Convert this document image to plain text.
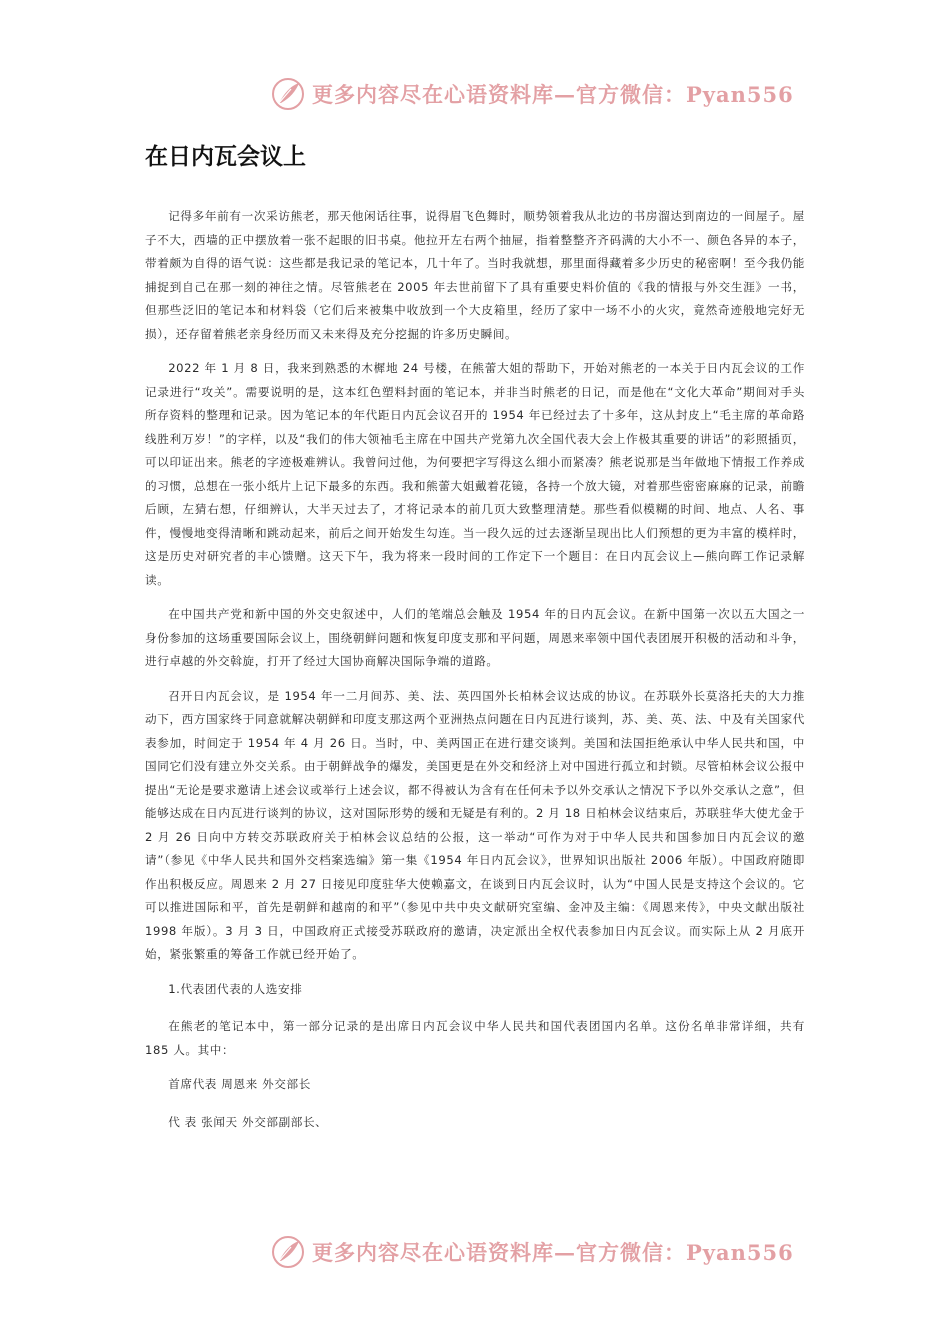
更多内容尽在心语资料库—官方微信：Pyan556
在日内瓦会议上

记得多年前有一次采访熊老，那天他闲话往事，说得眉飞色舞时，顺势领着我从北边的书房溜达到南边的一间屋子。屋子不大，西墙的正中摆放着一张不起眼的旧书桌。他拉开左右两个抽屉，指着整整齐齐码满的大小不一、颜色各异的本子，带着颇为自得的语气说：这些都是我记录的笔记本，几十年了。当时我就想，那里面得藏着多少历史的秘密啊！至今我仍能捕捉到自己在那一刻的神往之情。尽管熊老在 2005 年去世前留下了具有重要史料价值的《我的情报与外交生涯》一书，但那些泛旧的笔记本和材料袋（它们后来被集中收放到一个大皮箱里，经历了家中一场不小的火灾，竟然奇迹般地完好无损），还存留着熊老亲身经历而又未来得及充分挖掘的许多历史瞬间。

2022 年 1 月 8 日，我来到熟悉的木樨地 24 号楼，在熊蕾大姐的帮助下，开始对熊老的一本关于日内瓦会议的工作记录进行“攻关”。需要说明的是，这本红色塑料封面的笔记本，并非当时熊老的日记，而是他在“文化大革命”期间对手头所存资料的整理和记录。因为笔记本的年代距日内瓦会议召开的 1954 年已经过去了十多年，这从封皮上“毛主席的革命路线胜利万岁！”的字样，以及“我们的伟大领袖毛主席在中国共产党第九次全国代表大会上作极其重要的讲话”的彩照插页，可以印证出来。熊老的字迹极难辨认。我曾问过他，为何要把字写得这么细小而紧凑？熊老说那是当年做地下情报工作养成的习惯，总想在一张小纸片上记下最多的东西。我和熊蕾大姐戴着花镜，各持一个放大镜，对着那些密密麻麻的记录，前瞻后顾，左猜右想，仔细辨认，大半天过去了，才将记录本的前几页大致整理清楚。那些看似模糊的时间、地点、人名、事件，慢慢地变得清晰和跳动起来，前后之间开始发生勾连。当一段久远的过去逐渐呈现出比人们预想的更为丰富的模样时，这是历史对研究者的丰心馈赠。这天下午，我为将来一段时间的工作定下一个题目：在日内瓦会议上—熊向晖工作记录解读。

在中国共产党和新中国的外交史叙述中，人们的笔端总会触及 1954 年的日内瓦会议。在新中国第一次以五大国之一身份参加的这场重要国际会议上，围绕朝鲜问题和恢复印度支那和平问题，周恩来率领中国代表团展开积极的活动和斗争，进行卓越的外交斡旋，打开了经过大国协商解决国际争端的道路。

召开日内瓦会议，是 1954 年一二月间苏、美、法、英四国外长柏林会议达成的协议。在苏联外长莫洛托夫的大力推动下，西方国家终于同意就解决朝鲜和印度支那这两个亚洲热点问题在日内瓦进行谈判，苏、美、英、法、中及有关国家代表参加，时间定于 1954 年 4 月 26 日。当时，中、美两国正在进行建交谈判。美国和法国拒绝承认中华人民共和国，中国同它们没有建立外交关系。由于朝鲜战争的爆发，美国更是在外交和经济上对中国进行孤立和封锁。尽管柏林会议公报中提出“无论是要求邀请上述会议或举行上述会议，都不得被认为含有在任何未予以外交承认之情况下予以外交承认之意”，但能够达成在日内瓦进行谈判的协议，这对国际形势的缓和无疑是有利的。2 月 18 日柏林会议结束后，苏联驻华大使尤金于 2 月 26 日向中方转交苏联政府关于柏林会议总结的公报，这一举动“可作为对于中华人民共和国参加日内瓦会议的邀请”（参见《中华人民共和国外交档案选编》第一集《1954 年日内瓦会议》，世界知识出版社 2006 年版）。中国政府随即作出积极反应。周恩来 2 月 27 日接见印度驻华大使赖嘉文，在谈到日内瓦会议时，认为“中国人民是支持这个会议的。它可以推进国际和平，首先是朝鲜和越南的和平”（参见中共中央文献研究室编、金冲及主编：《周恩来传》，中央文献出版社 1998 年版）。3 月 3 日，中国政府正式接受苏联政府的邀请，决定派出全权代表参加日内瓦会议。而实际上从 2 月底开始，紧张繁重的筹备工作就已经开始了。

1.代表团代表的人选安排

在熊老的笔记本中，第一部分记录的是出席日内瓦会议中华人民共和国代表团国内名单。这份名单非常详细，共有 185 人。其中：

首席代表 周恩来 外交部长

代 表 张闻天 外交部副部长、

更多内容尽在心语资料库—官方微信：Pyan556
